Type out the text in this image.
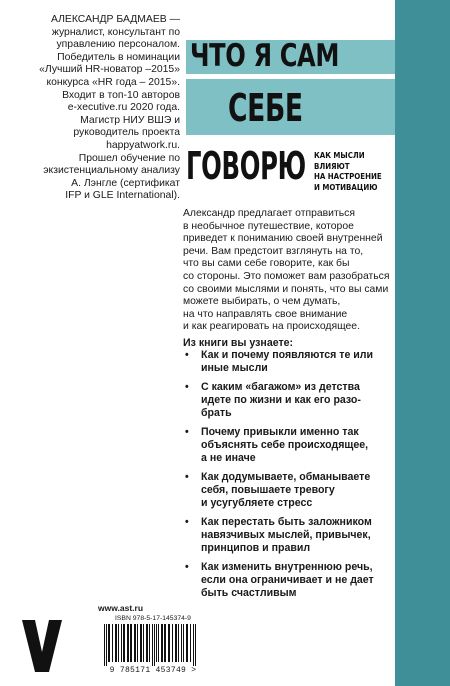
АЛЕКСАНДР БАДМАЕВ —
журналист, консультант по
управлению персоналом.
Победитель в номинации
«Лучший HR-новатор –2015»
конкурса «HR года – 2015».
Входит в топ-10 авторов
e-xecutive.ru 2020 года.
Магистр НИУ ВШЭ и
руководитель проекта
happyatwork.ru.
Прошел обучение по
экзистенциальному анализу
А. Лэнгле (сертификат
IFP и GLE International).
ЧТО Я САМ
СЕБЕ
ГОВОРЮ КАК МЫСЛИ ВЛИЯЮТ
НА НАСТРОЕНИЕ
И МОТИВАЦИЮ
Александр предлагает отправиться
в необычное путешествие, которое
приведет к пониманию своей внутренней
речи. Вам предстоит взглянуть на то,
что вы сами себе говорите, как бы
со стороны. Это поможет вам разобраться
со своими мыслями и понять, что вы сами
можете выбирать, о чем думать,
на что направлять свое внимание
и как реагировать на происходящее.
Из книги вы узнаете:
• Как и почему появляются те или
иные мысли
• С каким «багажом» из детства
идете по жизни и как его разо-
брать
• Почему привыкли именно так
объяснять себе происходящее,
а не иначе
• Как додумываете, обманываете
себя, повышаете тревогу
и усугубляете стресс
• Как перестать быть заложником
навязчивых мыслей, привычек,
принципов и правил
• Как изменить внутреннюю речь,
если она ограничивает и не дает
быть счастливым
www.ast.ru
ISBN 978-5-17-145374-9
9 785171 453749 >
